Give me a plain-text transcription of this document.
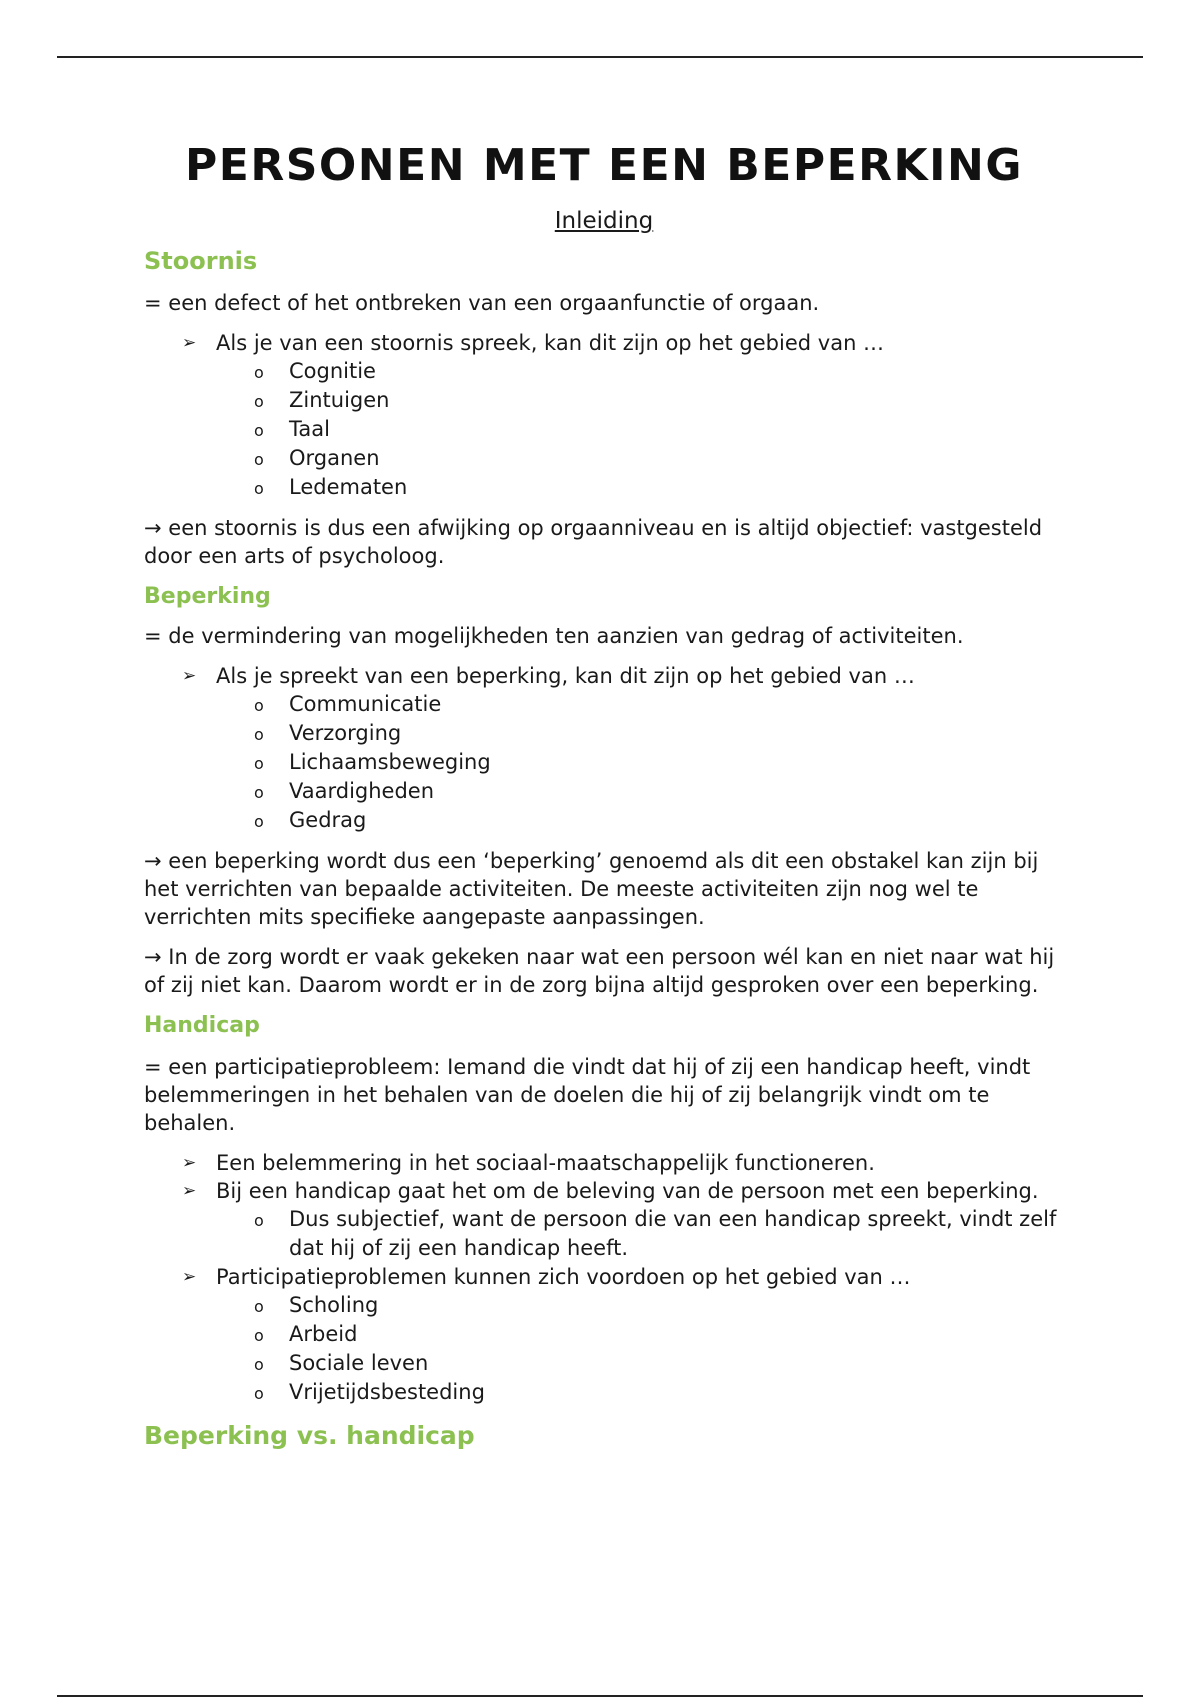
PERSONEN MET EEN BEPERKING
Inleiding
Stoornis

= een defect of het ontbreken van een orgaanfunctie of orgaan.

➢ Als je van een stoornis spreek, kan dit zijn op het gebied van …
o Cognitie
o Zintuigen
o Taal
o Organen
o Ledematen

→ een stoornis is dus een afwijking op orgaanniveau en is altijd objectief: vastgesteld door een arts of psycholoog.

Beperking

= de vermindering van mogelijkheden ten aanzien van gedrag of activiteiten.

➢ Als je spreekt van een beperking, kan dit zijn op het gebied van …
o Communicatie
o Verzorging
o Lichaamsbeweging
o Vaardigheden
o Gedrag

→ een beperking wordt dus een ‘beperking’ genoemd als dit een obstakel kan zijn bij het verrichten van bepaalde activiteiten. De meeste activiteiten zijn nog wel te verrichten mits specifieke aangepaste aanpassingen.

→ In de zorg wordt er vaak gekeken naar wat een persoon wél kan en niet naar wat hij of zij niet kan. Daarom wordt er in de zorg bijna altijd gesproken over een beperking.

Handicap

= een participatieprobleem: Iemand die vindt dat hij of zij een handicap heeft, vindt belemmeringen in het behalen van de doelen die hij of zij belangrijk vindt om te behalen.

➢ Een belemmering in het sociaal-maatschappelijk functioneren.
➢ Bij een handicap gaat het om de beleving van de persoon met een beperking.
o Dus subjectief, want de persoon die van een handicap spreekt, vindt zelf dat hij of zij een handicap heeft.
➢ Participatieproblemen kunnen zich voordoen op het gebied van …
o Scholing
o Arbeid
o Sociale leven
o Vrijetijdsbesteding
Beperking vs. handicap
